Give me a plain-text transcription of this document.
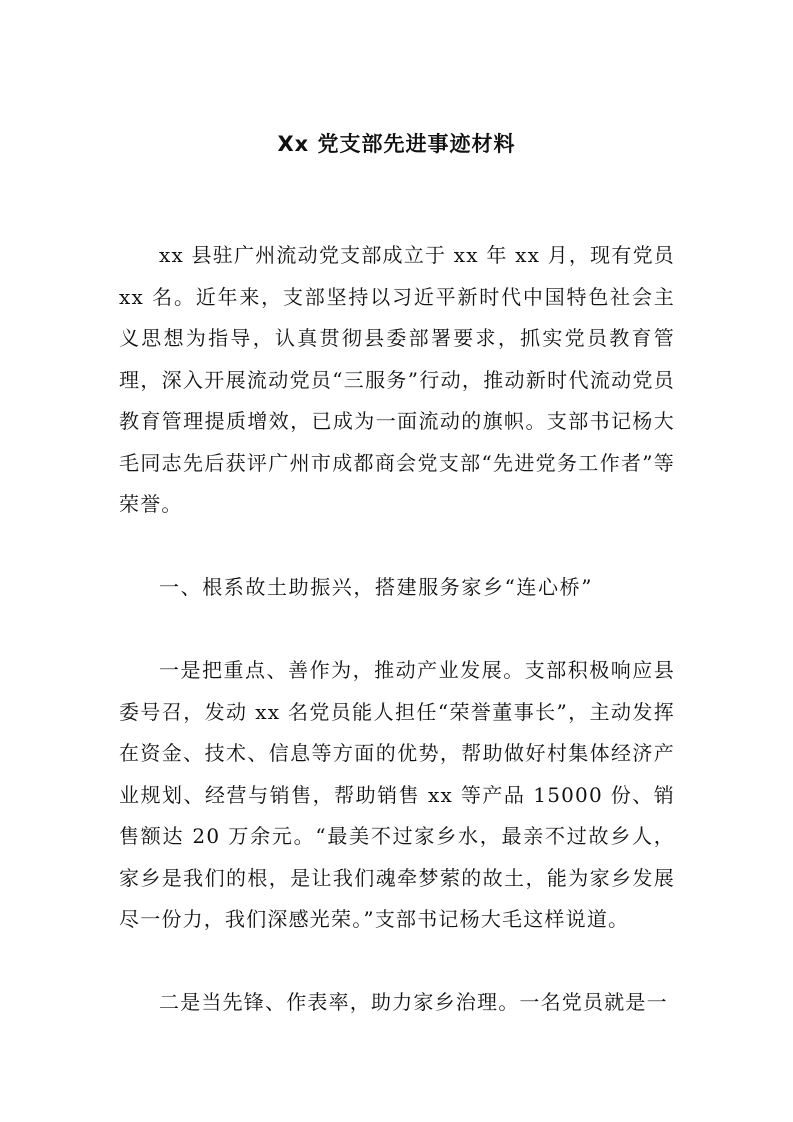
Xx 党支部先进事迹材料

xx 县驻广州流动党支部成立于 xx 年 xx 月，现有党员 xx 名。近年来，支部坚持以习近平新时代中国特色社会主义思想为指导，认真贯彻县委部署要求，抓实党员教育管理，深入开展流动党员“三服务”行动，推动新时代流动党员教育管理提质增效，已成为一面流动的旗帜。支部书记杨大毛同志先后获评广州市成都商会党支部“先进党务工作者”等荣誉。

一、根系故土助振兴，搭建服务家乡“连心桥”

一是把重点、善作为，推动产业发展。支部积极响应县委号召，发动 xx 名党员能人担任“荣誉董事长”，主动发挥在资金、技术、信息等方面的优势，帮助做好村集体经济产业规划、经营与销售，帮助销售 xx 等产品 15000 份、销售额达 20 万余元。“最美不过家乡水，最亲不过故乡人，家乡是我们的根，是让我们魂牵梦萦的故土，能为家乡发展尽一份力，我们深感光荣。”支部书记杨大毛这样说道。

二是当先锋、作表率，助力家乡治理。一名党员就是一
